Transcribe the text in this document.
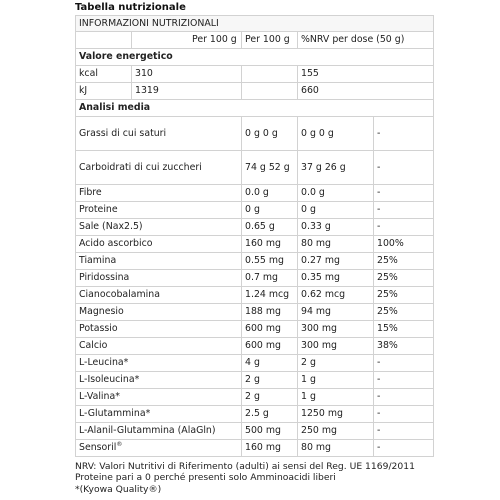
Tabella nutrizionale
INFORMAZIONI NUTRIZIONALI				
	Per 100 g	Per 100 g	%NRV per dose (50 g)	
Valore energetico				
kcal	310		155	
kJ	1319		660	
Analisi media				
Grassi di cui saturi		0 g 0 g	0 g 0 g	-
Carboidrati di cui zuccheri		74 g 52 g	37 g 26 g	-
Fibre		0.0 g	0.0 g	-
Proteine		0 g	0 g	-
Sale (Nax2.5)		0.65 g	0.33 g	-
Acido ascorbico		160 mg	80 mg	100%
Tiamina		0.55 mg	0.27 mg	25%
Piridossina		0.7 mg	0.35 mg	25%
Cianocobalamina		1.24 mcg	0.62 mcg	25%
Magnesio		188 mg	94 mg	25%
Potassio		600 mg	300 mg	15%
Calcio		600 mg	300 mg	38%
L-Leucina*		4 g	2 g	-
L-Isoleucina*		2 g	1 g	-
L-Valina*		2 g	1 g	-
L-Glutammina*		2.5 g	1250 mg	-
L-Alanil-Glutammina (AlaGln)		500 mg	250 mg	-
Sensoril®		160 mg	80 mg	-
NRV: Valori Nutritivi di Riferimento (adulti) ai sensi del Reg. UE 1169/2011
Proteine pari a 0 perché presenti solo Amminoacidi liberi
*(Kyowa Quality®)
